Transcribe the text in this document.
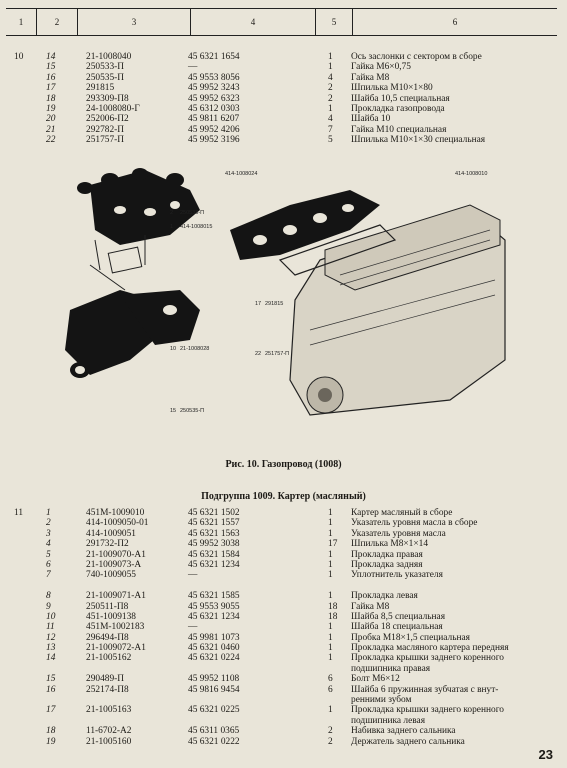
1	2	3	4	5	6
10 14	21-1008040	45 6321 1654	1 Ось заслонки с сектором в сборе
15	250533-П	—	1 Гайка М6×0,75
16	250535-П	45 9553 8056	4 Гайка М8
17	291815	45 9952 3243	2 Шпилька М10×1×80
18	293309-П8	45 9952 6323	2 Шайба 10,5 специальная
19	24-1008080-Г	45 6312 0303	1 Прокладка газопровода
20	252006-П2	45 9811 6207	4 Шайба 10
21	292782-П	45 9952 4206	7 Гайка М10 специальная
22	251757-П	45 9952 3196	5 Шпилька М10×1×30 специальная
2 250533-П
1 414-1008015
10 21-1008028
15 250535-П
414-1008024	414-1008010
17 291815
22 251757-П
Рис. 10. Газопровод (1008)
Подгруппа 1009. Картер (масляный)
11 1	451М-1009010	45 6321 1502	1 Картер масляный в сборе
2	414-1009050-01	45 6321 1557	1 Указатель уровня масла в сборе
3	414-1009051	45 6321 1563	1 Указатель уровня масла
4	291732-П2	45 9952 3038	17 Шпилька М8×1×14
5	21-1009070-А1	45 6321 1584	1 Прокладка правая
6	21-1009073-А	45 6321 1234	1 Прокладка задняя
7	740-1009055	—	1 Уплотнитель указателя
8	21-1009071-А1	45 6321 1585	1 Прокладка левая
9	250511-П8	45 9553 9055	18 Гайка М8
10	451-1009138	45 6321 1234	18 Шайба 8,5 специальная
11	451М-1002183	—	1 Шайба 18 специальная
12	296494-П8	45 9981 1073	1 Пробка М18×1,5 специальная
13	21-1009072-А1	45 6321 0460	1 Прокладка масляного картера передняя
14	21-1005162	45 6321 0224	1 Прокладка крышки заднего коренного
подшипника правая
15	290489-П	45 9952 1108	6 Болт М6×12
16	252174-П8	45 9816 9454	6 Шайба 6 пружинная зубчатая с внут-
ренними зубом
17	21-1005163	45 6321 0225	1 Прокладка крышки заднего коренного
подшипника левая
18	11-6702-А2	45 6311 0365	2 Набивка заднего сальника
19	21-1005160	45 6321 0222	2 Держатель заднего сальника
23
